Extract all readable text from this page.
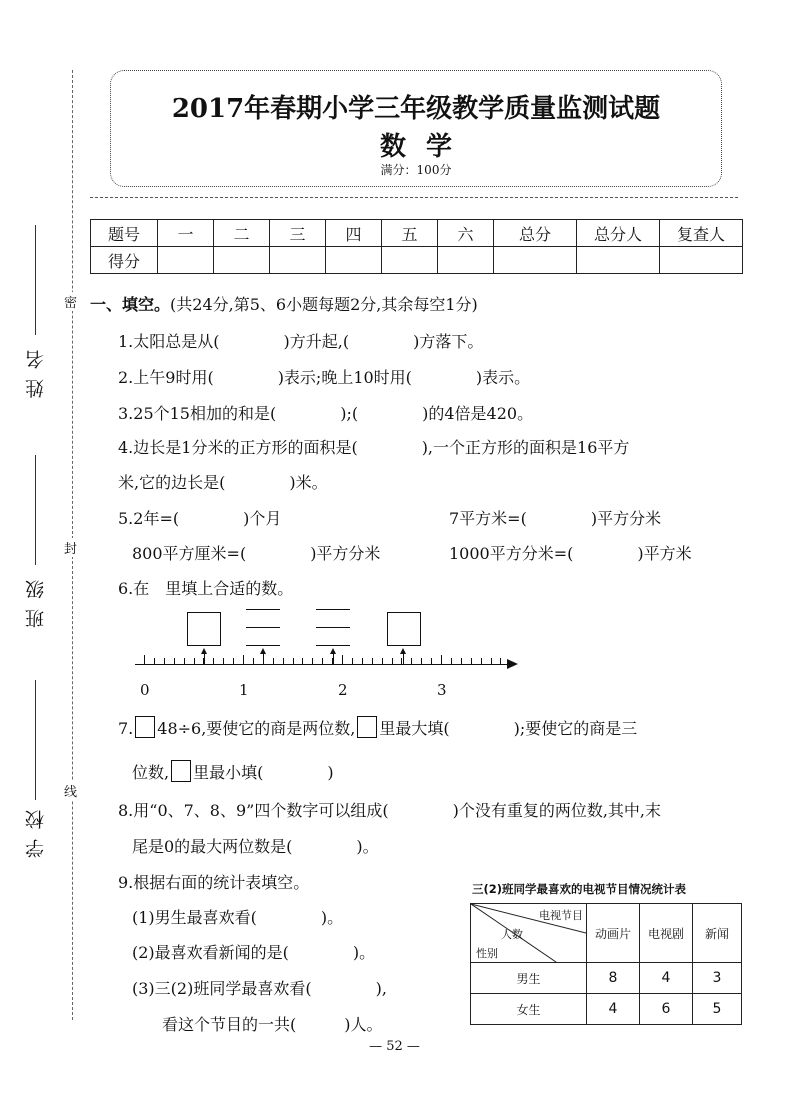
姓名
班级
学校
密
封
线
2017年春期小学三年级教学质量监测试题
数学
满分：100分
题号	一	二	三	四	五	六	总分	总分人	复查人
得分									
一、填空。(共24分,第5、6小题每题2分,其余每空1分)
1.太阳总是从(　　　　)方升起,(　　　　)方落下。
2.上午9时用(　　　　)表示;晚上10时用(　　　　)表示。
3.25个15相加的和是(　　　　);(　　　　)的4倍是420。
4.边长是1分米的正方形的面积是(　　　　),一个正方形的面积是16平方
米,它的边长是(　　　　)米。
5.2年=(　　　　)个月	7平方米=(　　　　)平方分米
800平方厘米=(　　　　)平方分米	1000平方分米=(　　　　)平方米
6.在　里填上合适的数。
0	1	2	3
7. 48÷6,要使它的商是两位数, 里最大填(　　　　);要使它的商是三
位数, 里最小填(　　　　)
8.用“0、7、8、9”四个数字可以组成(　　　　)个没有重复的两位数,其中,末
尾是0的最大两位数是(　　　　)。
9.根据右面的统计表填空。
(1)男生最喜欢看(　　　　)。
(2)最喜欢看新闻的是(　　　　)。
(3)三(2)班同学最喜欢看(　　　　),
看这个节目的一共(　　　)人。
三(2)班同学最喜欢的电视节目情况统计表
电视节目
人数
性别	动画片	电视剧	新闻
男生	8	4	3
女生	4	6	5
— 52 —
